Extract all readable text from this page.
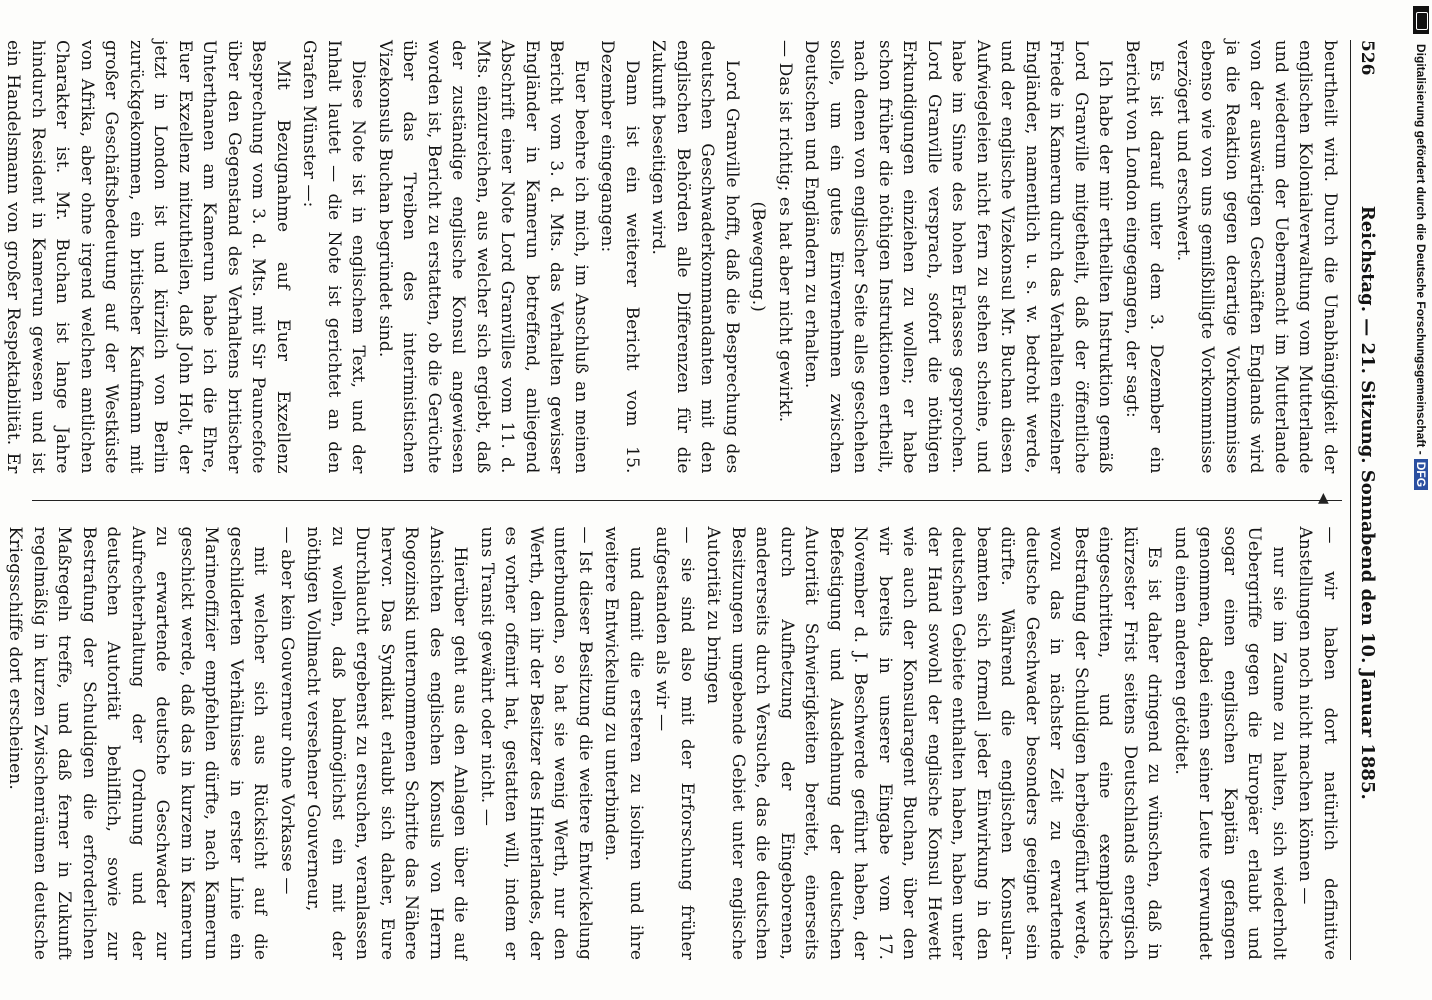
526
Reichstag. — 21. Sitzung. Sonnabend den 10. Januar 1885.

beurtheilt wird. Durch die Unabhängigkeit der englischen Kolonialverwaltung vom Mutterlande und wiederum der Uebermacht im Mutterlande von der auswärtigen Geschäften Englands wird ja die Reaktion gegen derartige Vorkommnisse ebenso wie von uns gemißbilligte Vorkommnisse verzögert und erschwert.

Es ist darauf unter dem 3. Dezember ein Bericht von London eingegangen, der sagt:

Ich habe der mir ertheilten Instruktion gemäß Lord Granville mitgetheilt, daß der öffentliche Friede in Kamerun durch das Verhalten einzelner Engländer, namentlich u. s. w. bedroht werde, und der englische Vizekonsul Mr. Buchan diesen Aufwiegeleien nicht fern zu stehen scheine, und habe im Sinne des hohen Erlasses gesprochen. Lord Granville versprach, sofort die nöthigen Erkundigungen einziehen zu wollen; er habe schon früher die nöthigen Instruktionen ertheilt, nach denen von englischer Seite alles geschehen solle, um ein gutes Einvernehmen zwischen Deutschen und Engländern zu erhalten.

— Das ist richtig; es hat aber nicht gewirkt.

(Bewegung.)

Lord Granville hofft, daß die Besprechung des deutschen Geschwaderkommandanten mit den englischen Behörden alle Differenzen für die Zukunft beseitigen wird.

Dann ist ein weiterer Bericht vom 15. Dezember eingegangen:

Euer beehre ich mich, im Anschluß an meinen Bericht vom 3. d. Mts. das Verhalten gewisser Engländer in Kamerun betreffend, anliegend Abschrift einer Note Lord Granvilles vom 11. d. Mts. einzureichen, aus welcher sich ergiebt, daß der zuständige englische Konsul angewiesen worden ist, Bericht zu erstatten, ob die Gerüchte über das Treiben des interimistischen Vizekonsuls Buchan begründet sind.

Diese Note ist in englischem Text, und der Inhalt lautet — die Note ist gerichtet an den Grafen Münster —:

Mit Bezugnahme auf Euer Exzellenz Besprechung vom 3. d. Mts. mit Sir Pauncefote über den Gegenstand des Verhaltens britischer Unterthanen am Kamerun habe ich die Ehre, Euer Exzellenz mitzutheilen, daß John Holt, der jetzt in London ist und kürzlich von Berlin zurückgekommen, ein britischer Kaufmann mit großer Geschäftsbedeutung auf der Westküste von Afrika, aber ohne irgend welchen amtlichen Charakter ist. Mr. Buchan ist lange Jahre hindurch Resident in Kamerun gewesen und ist ein Handelsmann von großer Respektabilität. Er

— wir haben dort natürlich definitive Anstellungen noch nicht machen können —

nur sie im Zaume zu halten, sich wiederholt Uebergriffe gegen die Europäer erlaubt und sogar einen englischen Kapitän gefangen genommen, dabei einen seiner Leute verwundet und einen anderen getödtet.

Es ist daher dringend zu wünschen, daß in kürzester Frist seitens Deutschlands energisch eingeschritten, und eine exemplarische Bestrafung der Schuldigen herbeigeführt werde, wozu das in nächster Zeit zu erwartende deutsche Geschwader besonders geeignet sein dürfte. Während die englischen Konsular-beamten sich formell jeder Einwirkung in den deutschen Gebiete enthalten haben, haben unter der Hand sowohl der englische Konsul Hewett wie auch der Konsularagent Buchan, über den wir bereits in unserer Eingabe vom 17. November d. J. Beschwerde geführt haben, der Befestigung und Ausdehnung der deutschen Autorität Schwierigkeiten bereitet, einerseits durch Aufhetzung der Eingeborenen, andererseits durch Versuche, das die deutschen Besitzungen umgebende Gebiet unter englische Autorität zu bringen

— sie sind also mit der Erforschung früher aufgestanden als wir —

und damit die ersteren zu isoliren und ihre weitere Entwickelung zu unterbinden.

— Ist dieser Besitzung die weitere Entwickelung unterbunden, so hat sie wenig Werth, nur den Werth, den ihr der Besitzer des Hinterlandes, der es vorher offenirt hat, gestatten will, indem er uns Transit gewährt oder nicht. —

Hierüber geht aus den Anlagen über die auf Ansichten des englischen Konsuls von Herrn Rogozinski unternommenen Schritte das Nähere hervor. Das Syndikat erlaubt sich daher, Eure Durchlaucht ergebenst zu ersuchen, veranlassen zu wollen, daß baldmöglichst ein mit der nöthigen Vollmacht versehener Gouverneur,

— aber kein Gouverneur ohne Vorkasse —

mit welcher sich aus Rücksicht auf die geschilderten Verhältnisse in erster Linie ein Marineoffizier empfehlen dürfte, nach Kamerun geschickt werde, daß das in kurzem in Kamerun zu erwartende deutsche Geschwader zur Aufrechterhaltung der Ordnung und der deutschen Autorität behilflich, sowie zur Bestrafung der Schuldigen die erforderlichen Maßregeln treffe, und daß ferner in Zukunft regelmäßig in kurzen Zwischenräumen deutsche Kriegsschiffe dort erscheinen.

▲
Digitalisierung gefördert durch die Deutsche Forschungsgemeinschaft -DFG
